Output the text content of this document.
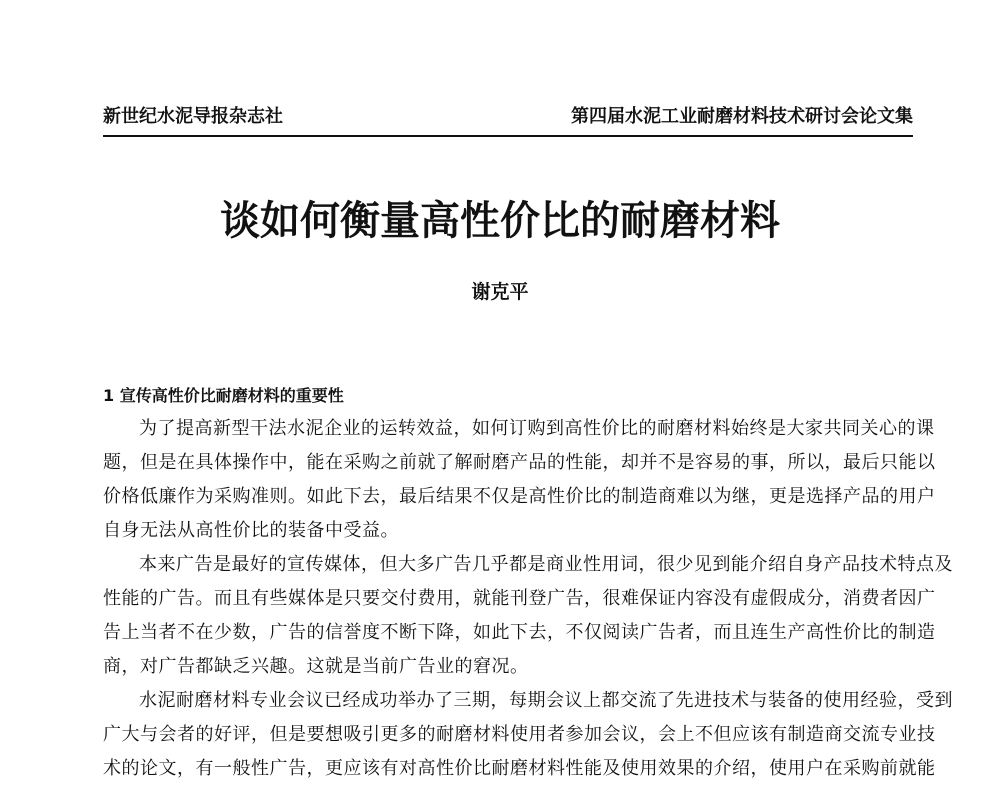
新世纪水泥导报杂志社	第四届水泥工业耐磨材料技术研讨会论文集
谈如何衡量高性价比的耐磨材料
谢克平
1 宣传高性价比耐磨材料的重要性
为了提高新型干法水泥企业的运转效益，如何订购到高性价比的耐磨材料始终是大家共同关心的课
题，但是在具体操作中，能在采购之前就了解耐磨产品的性能，却并不是容易的事，所以，最后只能以
价格低廉作为采购准则。如此下去，最后结果不仅是高性价比的制造商难以为继，更是选择产品的用户
自身无法从高性价比的装备中受益。
本来广告是最好的宣传媒体，但大多广告几乎都是商业性用词，很少见到能介绍自身产品技术特点及
性能的广告。而且有些媒体是只要交付费用，就能刊登广告，很难保证内容没有虚假成分，消费者因广
告上当者不在少数，广告的信誉度不断下降，如此下去，不仅阅读广告者，而且连生产高性价比的制造
商，对广告都缺乏兴趣。这就是当前广告业的窘况。
水泥耐磨材料专业会议已经成功举办了三期，每期会议上都交流了先进技术与装备的使用经验，受到
广大与会者的好评，但是要想吸引更多的耐磨材料使用者参加会议，会上不但应该有制造商交流专业技
术的论文，有一般性广告，更应该有对高性价比耐磨材料性能及使用效果的介绍，使用户在采购前就能
